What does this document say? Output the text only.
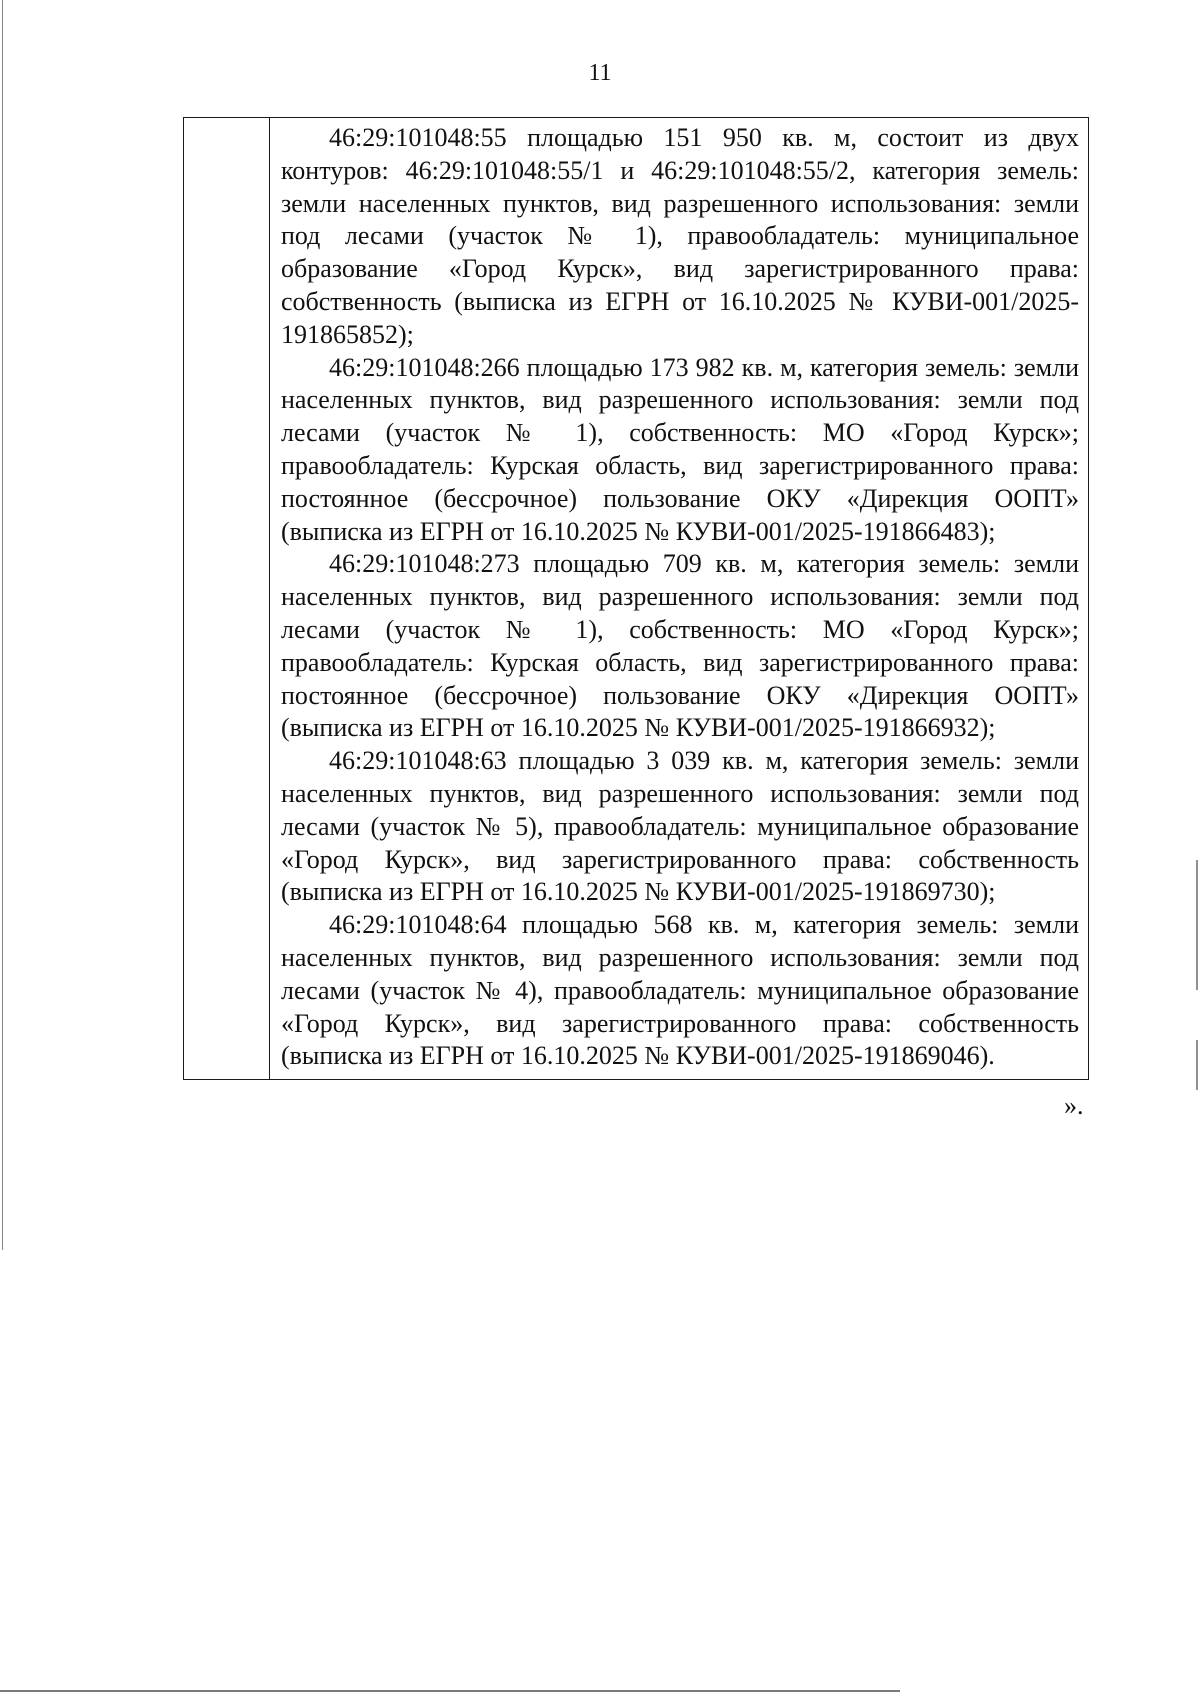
11

46:29:101048:55 площадью 151 950 кв. м, состоит из двух контуров: 46:29:101048:55/1 и 46:29:101048:55/2, категория земель: земли населенных пунктов, вид разрешенного использования: земли под лесами (участок № 1), правообладатель: муниципальное образование «Город Курск», вид зарегистрированного права: собственность (выписка из ЕГРН от 16.10.2025 № КУВИ-001/2025-191865852);

46:29:101048:266 площадью 173 982 кв. м, категория земель: земли населенных пунктов, вид разрешенного использования: земли под лесами (участок № 1), собственность: МО «Город Курск»; правообладатель: Курская область, вид зарегистрированного права: постоянное (бессрочное) пользование ОКУ «Дирекция ООПТ» (выписка из ЕГРН от 16.10.2025 № КУВИ-001/2025-191866483);

46:29:101048:273 площадью 709 кв. м, категория земель: земли населенных пунктов, вид разрешенного использования: земли под лесами (участок № 1), собственность: МО «Город Курск»; правообладатель: Курская область, вид зарегистрированного права: постоянное (бессрочное) пользование ОКУ «Дирекция ООПТ» (выписка из ЕГРН от 16.10.2025 № КУВИ-001/2025-191866932);

46:29:101048:63 площадью 3 039 кв. м, категория земель: земли населенных пунктов, вид разрешенного использования: земли под лесами (участок № 5), правообладатель: муниципальное образование «Город Курск», вид зарегистрированного права: собственность (выписка из ЕГРН от 16.10.2025 № КУВИ-001/2025-191869730);

46:29:101048:64 площадью 568 кв. м, категория земель: земли населенных пунктов, вид разрешенного использования: земли под лесами (участок № 4), правообладатель: муниципальное образование «Город Курск», вид зарегистрированного права: собственность (выписка из ЕГРН от 16.10.2025 № КУВИ-001/2025-191869046).

».
